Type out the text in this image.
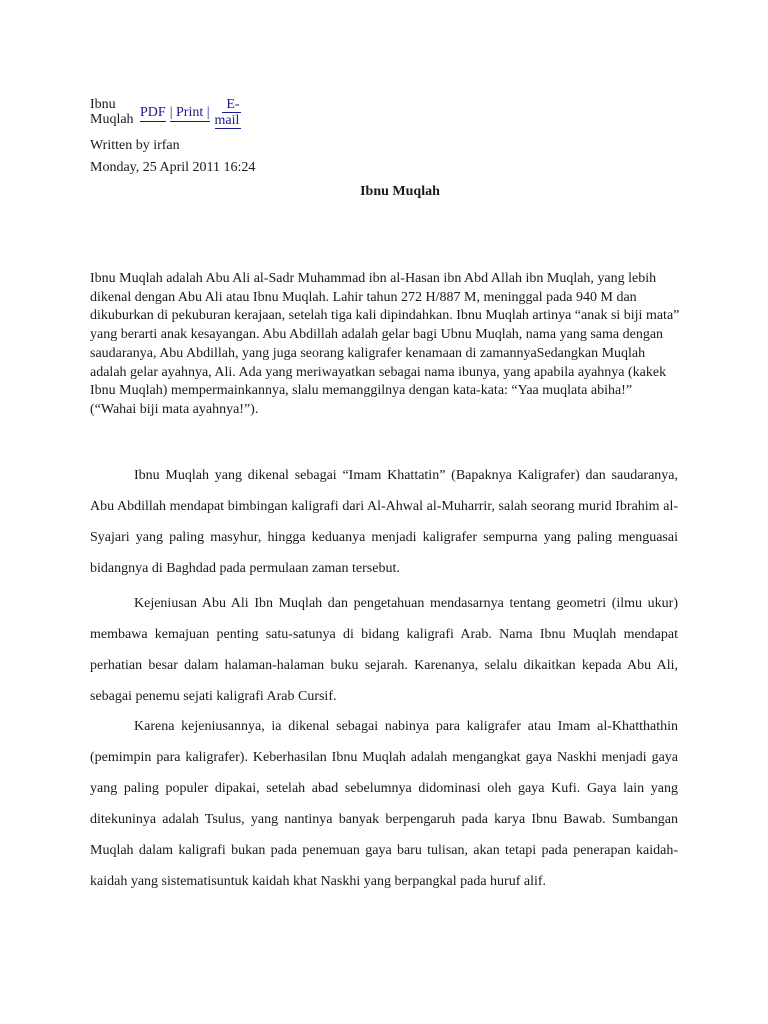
Ibnu Muqlah PDF | Print |
E-
mail
Written by irfan
Monday, 25 April 2011 16:24
Ibnu Muqlah
Ibnu Muqlah adalah Abu Ali al-Sadr Muhammad ibn al-Hasan ibn Abd Allah ibn Muqlah, yang lebih dikenal dengan Abu Ali atau Ibnu Muqlah. Lahir tahun 272 H/887 M, meninggal pada 940 M dan dikuburkan di pekuburan kerajaan, setelah tiga kali dipindahkan. Ibnu Muqlah artinya “anak si biji mata” yang berarti anak kesayangan. Abu Abdillah adalah gelar bagi Ubnu Muqlah, nama yang sama dengan saudaranya, Abu Abdillah, yang juga seorang kaligrafer kenamaan di zamannyaSedangkan Muqlah adalah gelar ayahnya, Ali. Ada yang meriwayatkan sebagai nama ibunya, yang apabila ayahnya (kakek Ibnu Muqlah) mempermainkannya, slalu memanggilnya dengan kata-kata: “Yaa muqlata abiha!” (“Wahai biji mata ayahnya!”).
Ibnu Muqlah yang dikenal sebagai “Imam Khattatin” (Bapaknya Kaligrafer) dan saudaranya, Abu Abdillah mendapat bimbingan kaligrafi dari Al-Ahwal al-Muharrir, salah seorang murid Ibrahim al-Syajari yang paling masyhur, hingga keduanya menjadi kaligrafer sempurna yang paling menguasai bidangnya di Baghdad pada permulaan zaman tersebut.
Kejeniusan Abu Ali Ibn Muqlah dan pengetahuan mendasarnya tentang geometri (ilmu ukur) membawa kemajuan penting satu-satunya di bidang kaligrafi Arab. Nama Ibnu Muqlah mendapat perhatian besar dalam halaman-halaman buku sejarah. Karenanya, selalu dikaitkan kepada Abu Ali, sebagai penemu sejati kaligrafi Arab Cursif.
Karena kejeniusannya, ia dikenal sebagai nabinya para kaligrafer atau Imam al-Khatthathin (pemimpin para kaligrafer). Keberhasilan Ibnu Muqlah adalah mengangkat gaya Naskhi menjadi gaya yang paling populer dipakai, setelah abad sebelumnya didominasi oleh gaya Kufi. Gaya lain yang ditekuninya adalah Tsulus, yang nantinya banyak berpengaruh pada karya Ibnu Bawab. Sumbangan Muqlah dalam kaligrafi bukan pada penemuan gaya baru tulisan, akan tetapi pada penerapan kaidah-kaidah yang sistematisuntuk kaidah khat Naskhi yang berpangkal pada huruf alif.
